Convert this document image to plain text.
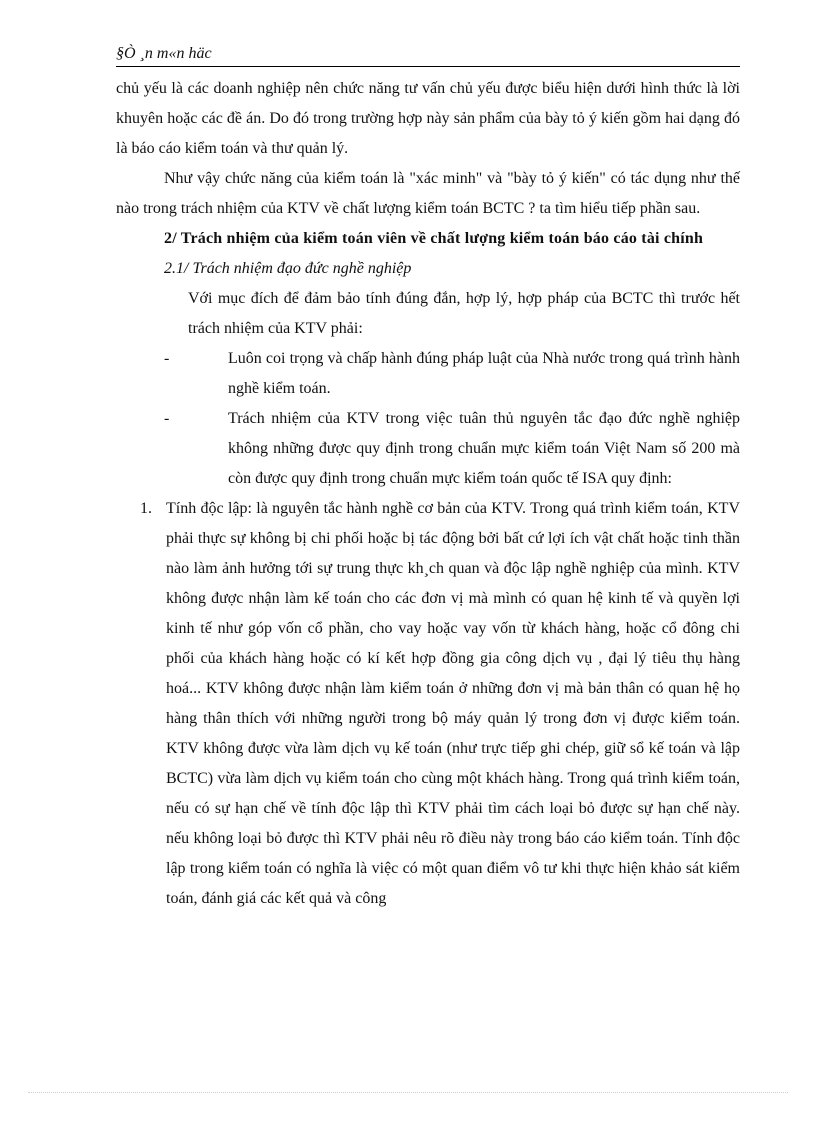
§Ò ¸n m«n häc

chủ yếu là các doanh nghiệp nên chức năng tư vấn chủ yếu được biểu hiện dưới hình thức là lời khuyên hoặc các đề án. Do đó trong trường hợp này sản phẩm của bày tỏ ý kiến gồm hai dạng đó là báo cáo kiểm toán và thư quản lý.

Như vậy chức năng của kiểm toán là "xác minh" và "bày tỏ ý kiến" có tác dụng như thế nào trong trách nhiệm của KTV về chất lượng kiểm toán BCTC ? ta tìm hiểu tiếp phần sau.

2/ Trách nhiệm của kiểm toán viên về chất lượng kiểm toán báo cáo tài chính

2.1/ Trách nhiệm đạo đức nghề nghiệp

Với mục đích để đảm bảo tính đúng đắn, hợp lý, hợp pháp của BCTC thì trước hết trách nhiệm của KTV phải:

-	Luôn coi trọng và chấp hành đúng pháp luật của Nhà nước trong quá trình hành nghề kiểm toán.
-	Trách nhiệm của KTV trong việc tuân thủ nguyên tắc đạo đức nghề nghiệp không những được quy định trong chuẩn mực kiểm toán Việt Nam số 200 mà còn được quy định trong chuẩn mực kiểm toán quốc tế ISA quy định:
1. Tính độc lập: là nguyên tắc hành nghề cơ bản của KTV. Trong quá trình kiểm toán, KTV phải thực sự không bị chi phối hoặc bị tác động bởi bất cứ lợi ích vật chất hoặc tinh thần nào làm ảnh hưởng tới sự trung thực kh¸ch quan và độc lập nghề nghiệp của mình. KTV không được nhận làm kế toán cho các đơn vị mà mình có quan hệ kinh tế và quyền lợi kinh tế như góp vốn cổ phần, cho vay hoặc vay vốn từ khách hàng, hoặc cổ đông chi phối của khách hàng hoặc có kí kết hợp đồng gia công dịch vụ , đại lý tiêu thụ hàng hoá... KTV không được nhận làm kiểm toán ở những đơn vị mà bản thân có quan hệ họ hàng thân thích với những người trong bộ máy quản lý trong đơn vị được kiểm toán. KTV không được vừa làm dịch vụ kế toán (như trực tiếp ghi chép, giữ sổ kế toán và lập BCTC) vừa làm dịch vụ kiểm toán cho cùng một khách hàng. Trong quá trình kiểm toán, nếu có sự hạn chế về tính độc lập thì KTV phải tìm cách loại bỏ được sự hạn chế này. nếu không loại bỏ được thì KTV phải nêu rõ điều này trong báo cáo kiểm toán. Tính độc lập trong kiểm toán có nghĩa là việc có một quan điểm vô tư khi thực hiện khảo sát kiểm toán, đánh giá các kết quả và công
